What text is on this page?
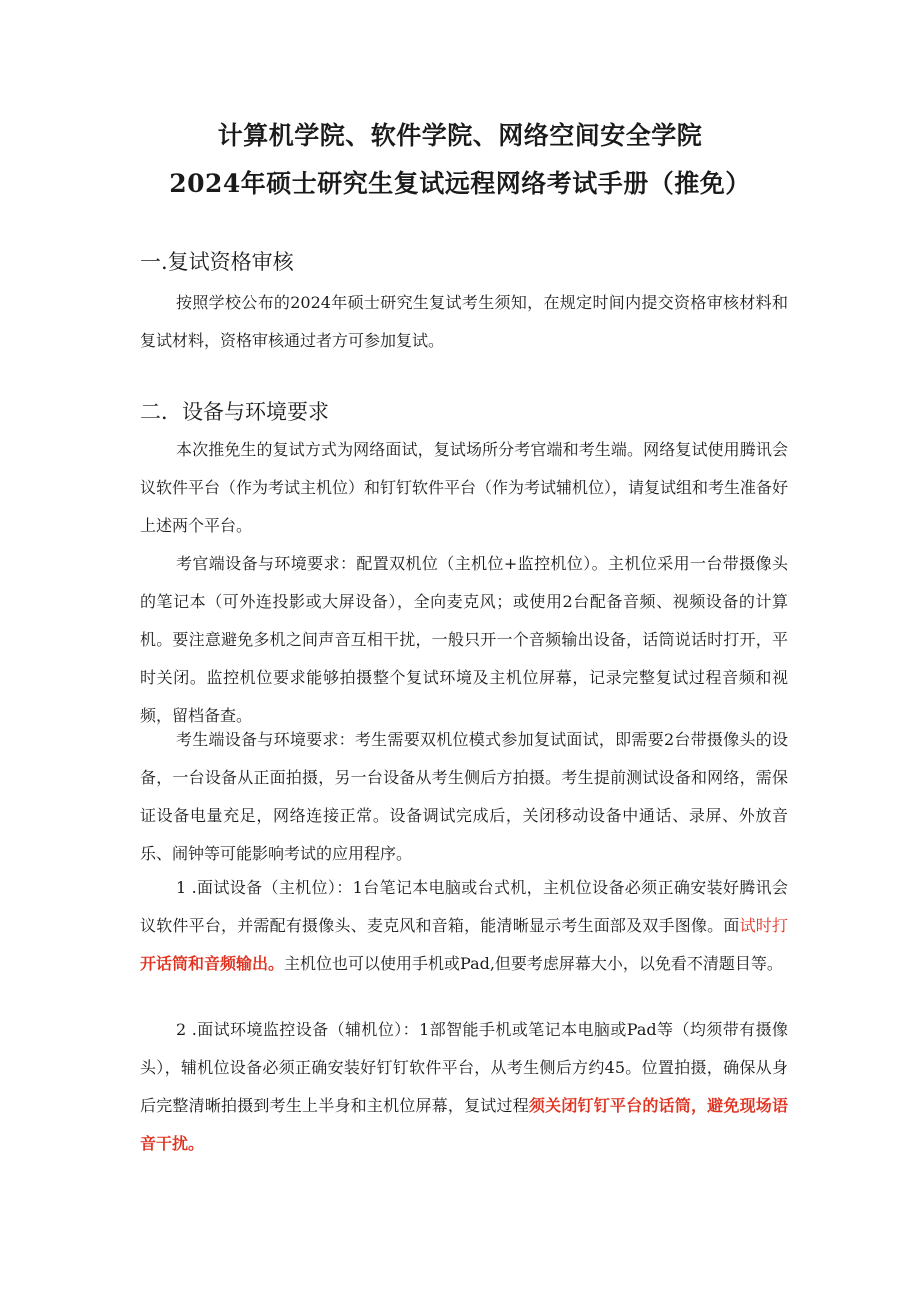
计算机学院、软件学院、网络空间安全学院
2024年硕士研究生复试远程网络考试手册（推免）
一.复试资格审核

按照学校公布的2024年硕士研究生复试考生须知，在规定时间内提交资格审核材料和复试材料，资格审核通过者方可参加复试。

二．设备与环境要求

本次推免生的复试方式为网络面试，复试场所分考官端和考生端。网络复试使用腾讯会议软件平台（作为考试主机位）和钉钉软件平台（作为考试辅机位），请复试组和考生准备好上述两个平台。

考官端设备与环境要求：配置双机位（主机位+监控机位）。主机位采用一台带摄像头的笔记本（可外连投影或大屏设备），全向麦克风；或使用2台配备音频、视频设备的计算机。要注意避免多机之间声音互相干扰，一般只开一个音频输出设备，话筒说话时打开，平时关闭。监控机位要求能够拍摄整个复试环境及主机位屏幕，记录完整复试过程音频和视频，留档备查。

考生端设备与环境要求：考生需要双机位模式参加复试面试，即需要2台带摄像头的设备，一台设备从正面拍摄，另一台设备从考生侧后方拍摄。考生提前测试设备和网络，需保证设备电量充足，网络连接正常。设备调试完成后，关闭移动设备中通话、录屏、外放音乐、闹钟等可能影响考试的应用程序。

1 .面试设备（主机位）：1台笔记本电脑或台式机，主机位设备必须正确安装好腾讯会议软件平台，并需配有摄像头、麦克风和音箱，能清晰显示考生面部及双手图像。面试时打开话筒和音频输出。主机位也可以使用手机或Pad,但要考虑屏幕大小，以免看不清题目等。

2 .面试环境监控设备（辅机位）：1部智能手机或笔记本电脑或Pad等（均须带有摄像头），辅机位设备必须正确安装好钉钉软件平台，从考生侧后方约45。位置拍摄，确保从身后完整清晰拍摄到考生上半身和主机位屏幕，复试过程须关闭钉钉平台的话筒，避免现场语音干扰。
